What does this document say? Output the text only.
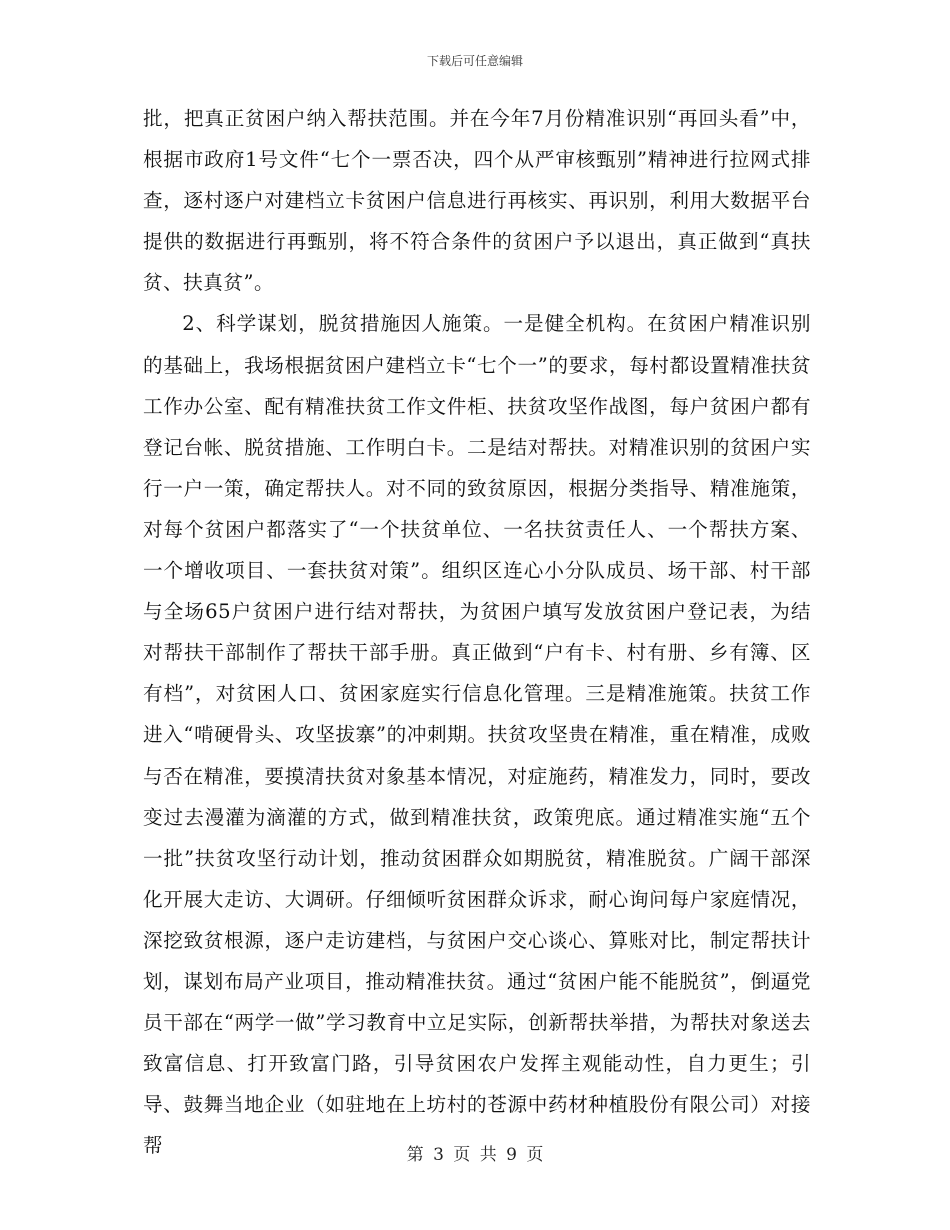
下载后可任意编辑

批，把真正贫困户纳入帮扶范围。并在今年7月份精准识别“再回头看”中，根据市政府1号文件“七个一票否决，四个从严审核甄别”精神进行拉网式排查，逐村逐户对建档立卡贫困户信息进行再核实、再识别，利用大数据平台提供的数据进行再甄别，将不符合条件的贫困户予以退出，真正做到“真扶贫、扶真贫”。

2、科学谋划，脱贫措施因人施策。一是健全机构。在贫困户精准识别的基础上，我场根据贫困户建档立卡“七个一”的要求，每村都设置精准扶贫工作办公室、配有精准扶贫工作文件柜、扶贫攻坚作战图，每户贫困户都有登记台帐、脱贫措施、工作明白卡。二是结对帮扶。对精准识别的贫困户实行一户一策，确定帮扶人。对不同的致贫原因，根据分类指导、精准施策，对每个贫困户都落实了“一个扶贫单位、一名扶贫责任人、一个帮扶方案、一个增收项目、一套扶贫对策”。组织区连心小分队成员、场干部、村干部与全场65户贫困户进行结对帮扶，为贫困户填写发放贫困户登记表，为结对帮扶干部制作了帮扶干部手册。真正做到“户有卡、村有册、乡有簿、区有档”，对贫困人口、贫困家庭实行信息化管理。三是精准施策。扶贫工作进入“啃硬骨头、攻坚拔寨”的冲刺期。扶贫攻坚贵在精准，重在精准，成败与否在精准，要摸清扶贫对象基本情况，对症施药，精准发力，同时，要改变过去漫灌为滴灌的方式，做到精准扶贫，政策兜底。通过精准实施“五个一批”扶贫攻坚行动计划，推动贫困群众如期脱贫，精准脱贫。广阔干部深化开展大走访、大调研。仔细倾听贫困群众诉求，耐心询问每户家庭情况，深挖致贫根源，逐户走访建档，与贫困户交心谈心、算账对比，制定帮扶计划，谋划布局产业项目，推动精准扶贫。通过“贫困户能不能脱贫”，倒逼党员干部在“两学一做”学习教育中立足实际，创新帮扶举措，为帮扶对象送去致富信息、打开致富门路，引导贫困农户发挥主观能动性，自力更生；引导、鼓舞当地企业（如驻地在上坊村的苍源中药材种植股份有限公司）对接帮	第 3 页 共 9 页
